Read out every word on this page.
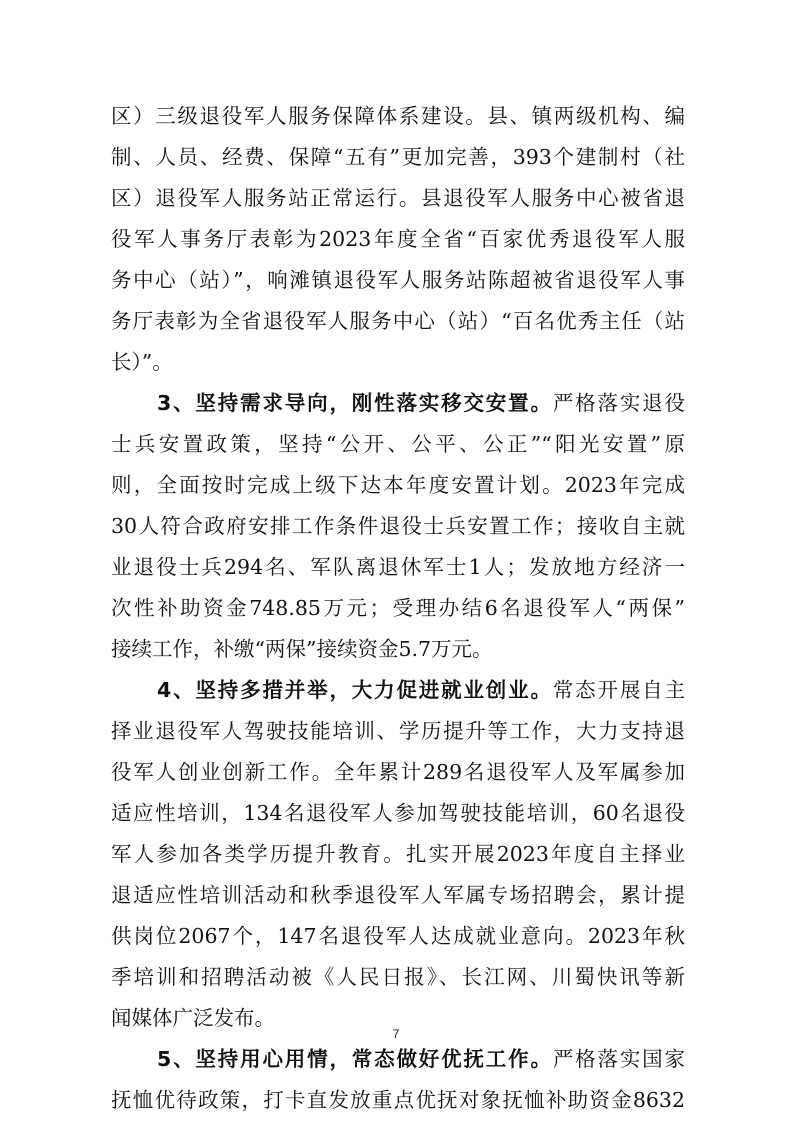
区）三级退役军人服务保障体系建设。县、镇两级机构、编
制、人员、经费、保障“五有”更加完善，393个建制村（社
区）退役军人服务站正常运行。县退役军人服务中心被省退
役军人事务厅表彰为2023年度全省“百家优秀退役军人服
务中心（站）”，响滩镇退役军人服务站陈超被省退役军人事
务厅表彰为全省退役军人服务中心（站）“百名优秀主任（站
长）”。
3、坚持需求导向，刚性落实移交安置。严格落实退役
士兵安置政策，坚持“公开、公平、公正”“阳光安置”原
则，全面按时完成上级下达本年度安置计划。2023年完成
30人符合政府安排工作条件退役士兵安置工作；接收自主就
业退役士兵294名、军队离退休军士1人；发放地方经济一
次性补助资金748.85万元；受理办结6名退役军人“两保”
接续工作，补缴“两保”接续资金5.7万元。
4、坚持多措并举，大力促进就业创业。常态开展自主
择业退役军人驾驶技能培训、学历提升等工作，大力支持退
役军人创业创新工作。全年累计289名退役军人及军属参加
适应性培训，134名退役军人参加驾驶技能培训，60名退役
军人参加各类学历提升教育。扎实开展2023年度自主择业
退适应性培训活动和秋季退役军人军属专场招聘会，累计提
供岗位2067个，147名退役军人达成就业意向。2023年秋
季培训和招聘活动被《人民日报》、长江网、川蜀快讯等新
闻媒体广泛发布。
5、坚持用心用情，常态做好优抚工作。严格落实国家
抚恤优待政策，打卡直发放重点优抚对象抚恤补助资金8632
7
